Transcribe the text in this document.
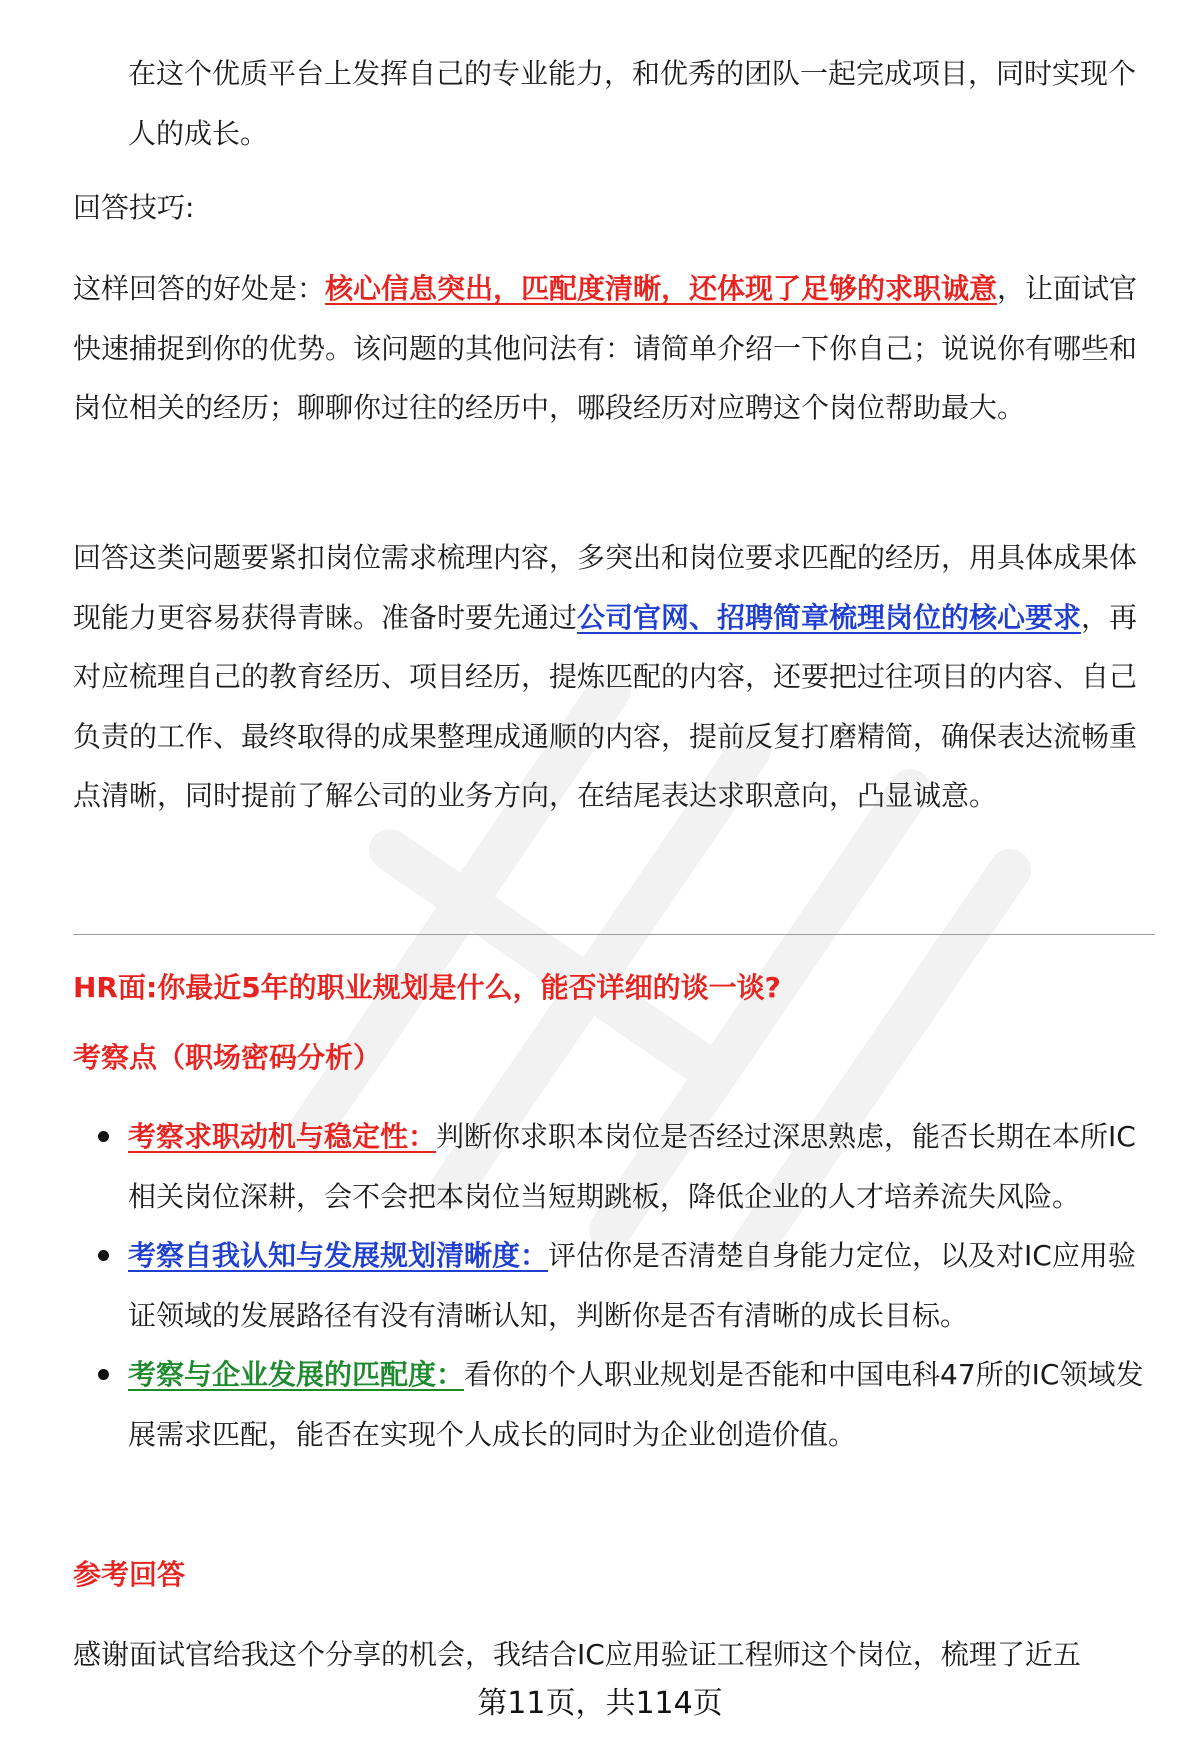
在这个优质平台上发挥自己的专业能力，和优秀的团队一起完成项目，同时实现个人的成长。

回答技巧:

这样回答的好处是：核心信息突出，匹配度清晰，还体现了足够的求职诚意，让面试官快速捕捉到你的优势。该问题的其他问法有：请简单介绍一下你自己；说说你有哪些和岗位相关的经历；聊聊你过往的经历中，哪段经历对应聘这个岗位帮助最大。

回答这类问题要紧扣岗位需求梳理内容，多突出和岗位要求匹配的经历，用具体成果体现能力更容易获得青睐。准备时要先通过公司官网、招聘简章梳理岗位的核心要求，再对应梳理自己的教育经历、项目经历，提炼匹配的内容，还要把过往项目的内容、自己负责的工作、最终取得的成果整理成通顺的内容，提前反复打磨精简，确保表达流畅重点清晰，同时提前了解公司的业务方向，在结尾表达求职意向，凸显诚意。

HR面:你最近5年的职业规划是什么，能否详细的谈一谈?

考察点（职场密码分析）

考察求职动机与稳定性：判断你求职本岗位是否经过深思熟虑，能否长期在本所IC相关岗位深耕，会不会把本岗位当短期跳板，降低企业的人才培养流失风险。
考察自我认知与发展规划清晰度：评估你是否清楚自身能力定位，以及对IC应用验证领域的发展路径有没有清晰认知，判断你是否有清晰的成长目标。
考察与企业发展的匹配度：看你的个人职业规划是否能和中国电科47所的IC领域发展需求匹配，能否在实现个人成长的同时为企业创造价值。

参考回答

感谢面试官给我这个分享的机会，我结合IC应用验证工程师这个岗位，梳理了近五

第11页，共114页
